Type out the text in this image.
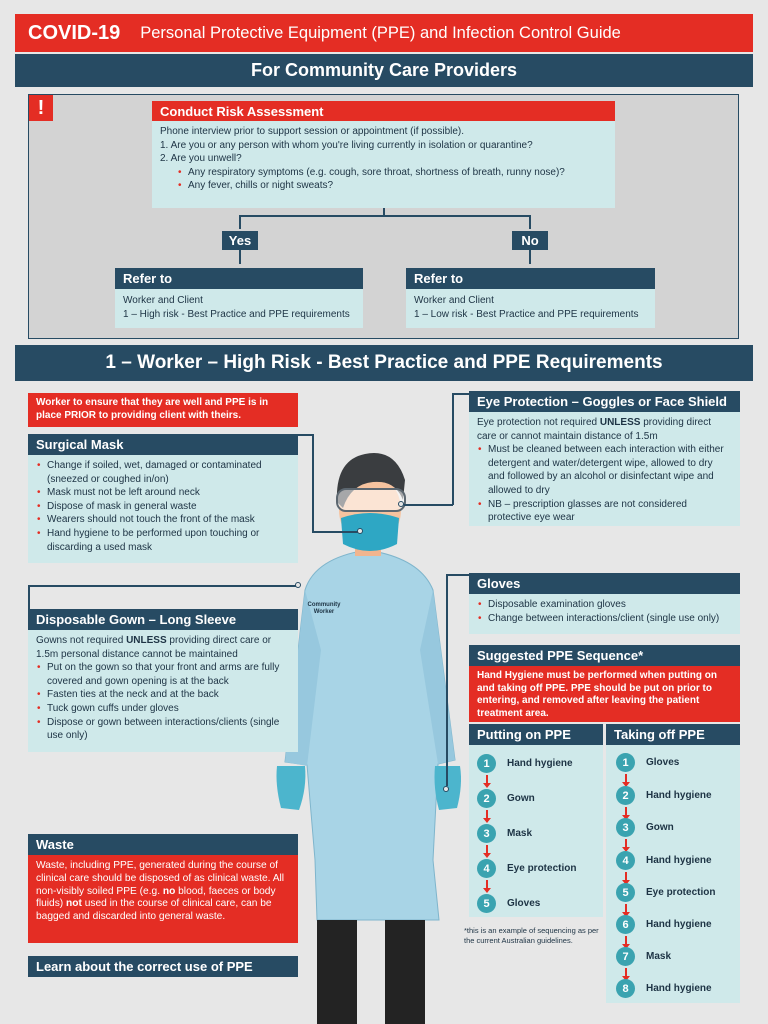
COVID-19 Personal Protective Equipment (PPE) and Infection Control Guide
For Community Care Providers
!	Conduct Risk Assessment
Phone interview prior to support session or appointment (if possible).
1. Are you or any person with whom you're living currently in isolation or quarantine?
2. Are you unwell?
• Any respiratory symptoms (e.g. cough, sore throat, shortness of breath, runny nose)?
• Any fever, chills or night sweats?
Yes	No
Refer to
Worker and Client
1 – High risk - Best Practice and PPE requirements
Refer to
Worker and Client
1 – Low risk - Best Practice and PPE requirements
1 – Worker – High Risk - Best Practice and PPE Requirements
Community
Worker
Worker to ensure that they are well and PPE is in place PRIOR to providing client with theirs.
Surgical Mask
• Change if soiled, wet, damaged or contaminated (sneezed or coughed in/on)
• Mask must not be left around neck
• Dispose of mask in general waste
• Wearers should not touch the front of the mask
• Hand hygiene to be performed upon touching or discarding a used mask
Disposable Gown – Long Sleeve
Gowns not required UNLESS providing direct care or 1.5m personal distance cannot be maintained
• Put on the gown so that your front and arms are fully covered and gown opening is at the back
• Fasten ties at the neck and at the back
• Tuck gown cuffs under gloves
• Dispose or gown between interactions/clients (single use only)
Waste
Waste, including PPE, generated during the course of clinical care should be disposed of as clinical waste. All non-visibly soiled PPE (e.g. no blood, faeces or body fluids) not used in the course of clinical care, can be bagged and discarded into general waste.
Learn about the correct use of PPE
Eye Protection – Goggles or Face Shield
Eye protection not required UNLESS providing direct care or cannot maintain distance of 1.5m
• Must be cleaned between each interaction with either detergent and water/detergent wipe, allowed to dry and followed by an alcohol or disinfectant wipe and allowed to dry
• NB – prescription glasses are not considered protective eye wear
Gloves
• Disposable examination gloves
• Change between interactions/client (single use only)
Suggested PPE Sequence*
Hand Hygiene must be performed when putting on and taking off PPE. PPE should be put on prior to entering, and removed after leaving the patient treatment area.
Putting on PPE	Taking off PPE
1	Hand hygiene
2	Gown
3	Mask
4	Eye protection
5	Gloves
1	Gloves
2	Hand hygiene
3	Gown
4	Hand hygiene
5	Eye protection
6	Hand hygiene
7	Mask
8	Hand hygiene
*this is an example of sequencing as per the current Australian guidelines.
